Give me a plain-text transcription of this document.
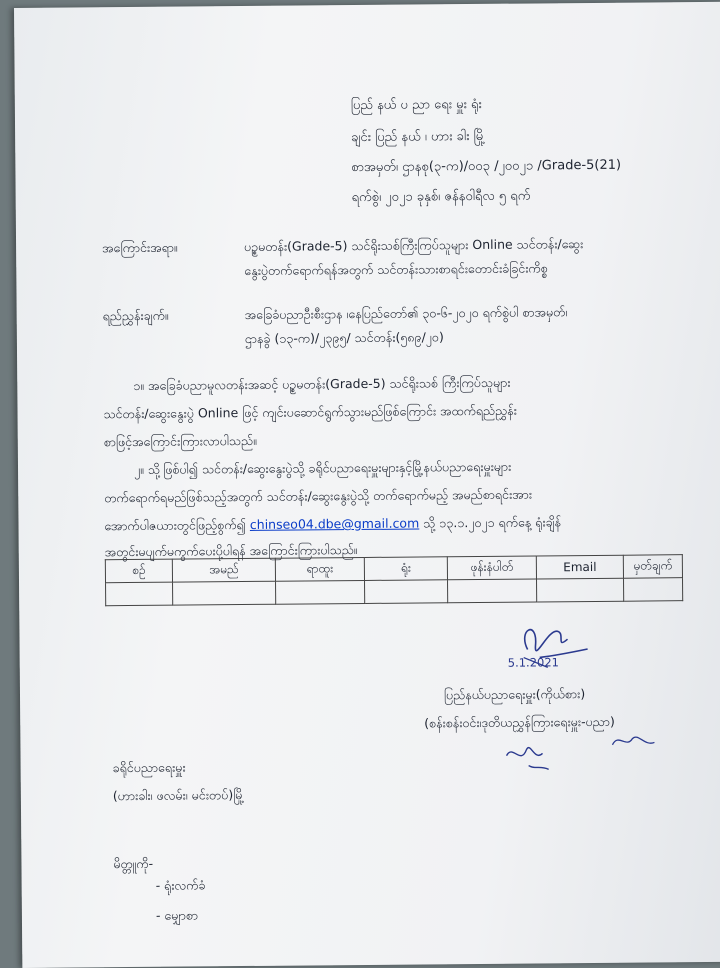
ပြည် နယ် ပ ညာ ရေး မှူး ရုံး
ချင်း ပြည် နယ် ၊ ဟား ခါး မြို့
စာအမှတ်၊ ဌာနစု(၃-က)/၀၀၃ /၂၀၀၂၁ /Grade-5(21)
ရက်စွဲ၊ ၂၀၂၁ ခုနှစ်၊ ဇန်နဝါရီလ ၅ ရက်
အကြောင်းအရာ။	ပဉ္စမတန်း(Grade-5) သင်ရိုးသစ်ကြီးကြပ်သူများ Online သင်တန်း/ဆွေး
နွေးပွဲတက်ရောက်ရန်အတွက် သင်တန်းသားစာရင်းတောင်းခံခြင်းကိစ္စ
ရည်ညွှန်းချက်။	အခြေခံပညာဦးစီးဌာန ၊နေပြည်တော်၏ ၃၀-၆-၂၀၂၀ ရက်စွဲပါ စာအမှတ်၊
ဌာနခွဲ (၁၃-က)/၂၃၉၅/ သင်တန်း(၅၈၉/၂၀)
၁။ အခြေခံပညာမူလတန်းအဆင့် ပဉ္စမတန်း(Grade-5) သင်ရိုးသစ် ကြီးကြပ်သူများ
သင်တန်း/ဆွေးနွေးပွဲ Online ဖြင့် ကျင်းပဆောင်ရွက်သွားမည်ဖြစ်ကြောင်း အထက်ရည်ညွှန်း
စာဖြင့်အကြောင်းကြားလာပါသည်။
၂။ သို့ဖြစ်ပါ၍ သင်တန်း/ဆွေးနွေးပွဲသို့ ခရိုင်ပညာရေးမှူးများနှင့်မြို့နယ်ပညာရေးမှူးများ
တက်ရောက်ရမည်ဖြစ်သည့်အတွက် သင်တန်း/ဆွေးနွေးပွဲသို့ တက်ရောက်မည့် အမည်စာရင်းအား
အောက်ပါဇယားတွင်ဖြည့်စွက်၍ chinseo04.dbe@gmail.com သို့ ၁၃.၁.၂၀၂၁ ရက်နေ့ ရုံးချိန်
အတွင်းမပျက်မကွက်ပေးပို့ပါရန် အကြောင်းကြားပါသည်။
စဉ်	အမည်	ရာထူး	ရုံး	ဖုန်းနံပါတ်	Email	မှတ်ချက်

5.1.2021
ပြည်နယ်ပညာရေးမှူး(ကိုယ်စား)
(စန်းစန်းဝင်း၊ဒုတိယညွှန်ကြားရေးမှူး-ပညာ)
ခရိုင်ပညာရေးမှူး
(ဟားခါး၊ ဖလမ်း၊ မင်းတပ်)မြို့
မိတ္တူကို-
- ရုံးလက်ခံ
- မျှောစာ
